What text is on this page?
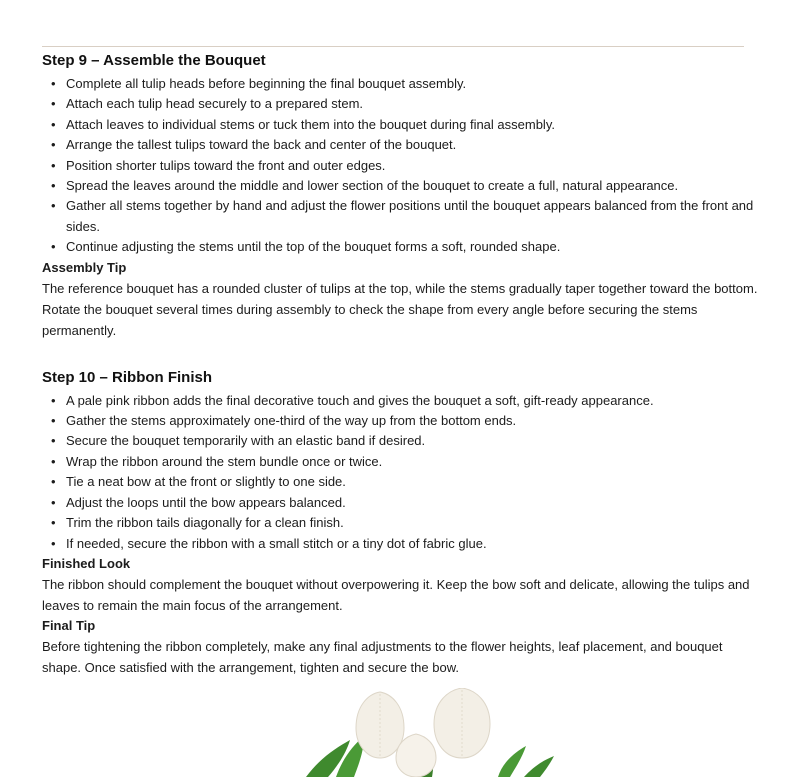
Step 9 – Assemble the Bouquet
• Complete all tulip heads before beginning the final bouquet assembly.
• Attach each tulip head securely to a prepared stem.
• Attach leaves to individual stems or tuck them into the bouquet during final assembly.
• Arrange the tallest tulips toward the back and center of the bouquet.
• Position shorter tulips toward the front and outer edges.
• Spread the leaves around the middle and lower section of the bouquet to create a full, natural appearance.
• Gather all stems together by hand and adjust the flower positions until the bouquet appears balanced from the front and sides.
• Continue adjusting the stems until the top of the bouquet forms a soft, rounded shape.
Assembly Tip

The reference bouquet has a rounded cluster of tulips at the top, while the stems gradually taper together toward the bottom. Rotate the bouquet several times during assembly to check the shape from every angle before securing the stems permanently.

Step 10 – Ribbon Finish
• A pale pink ribbon adds the final decorative touch and gives the bouquet a soft, gift-ready appearance.
• Gather the stems approximately one-third of the way up from the bottom ends.
• Secure the bouquet temporarily with an elastic band if desired.
• Wrap the ribbon around the stem bundle once or twice.
• Tie a neat bow at the front or slightly to one side.
• Adjust the loops until the bow appears balanced.
• Trim the ribbon tails diagonally for a clean finish.
• If needed, secure the ribbon with a small stitch or a tiny dot of fabric glue.
Finished Look

The ribbon should complement the bouquet without overpowering it. Keep the bow soft and delicate, allowing the tulips and leaves to remain the main focus of the arrangement.

Final Tip

Before tightening the ribbon completely, make any final adjustments to the flower heights, leaf placement, and bouquet shape. Once satisfied with the arrangement, tighten and secure the bow.
